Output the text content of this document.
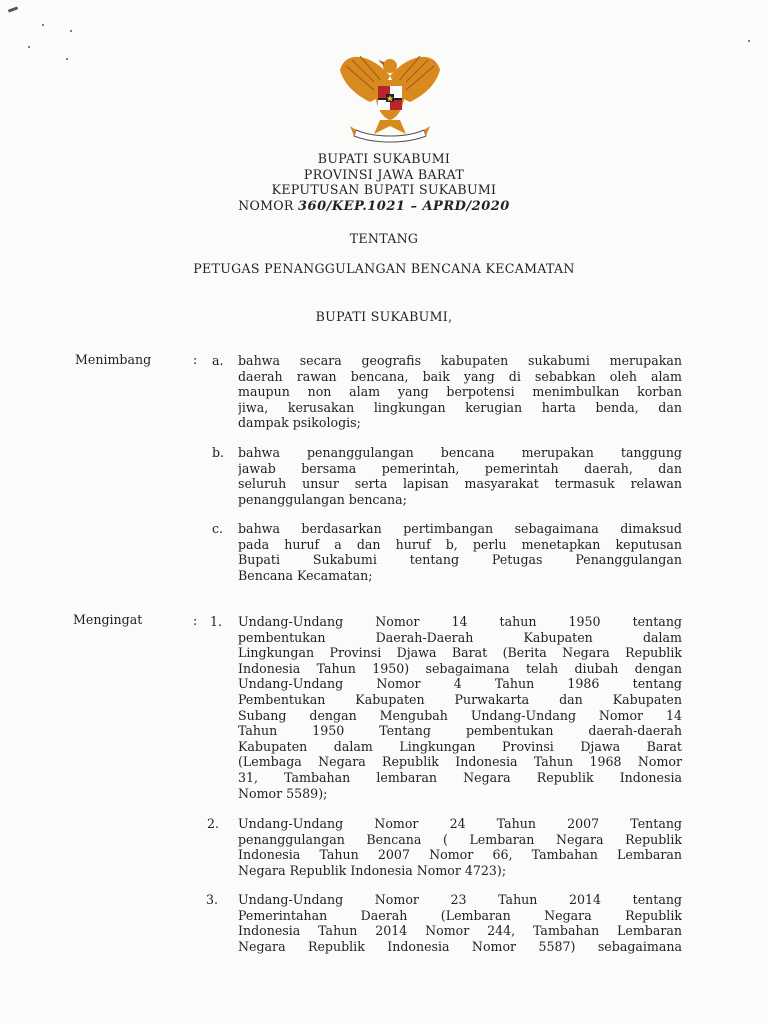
BUPATI SUKABUMI
PROVINSI JAWA BARAT
KEPUTUSAN BUPATI SUKABUMI
NOMOR 360/KEP.1021 – APRD/2020
TENTANG
PETUGAS PENANGGULANGAN BENCANA KECAMATAN
BUPATI SUKABUMI,
Menimbang	: a. bahwa secara geografis kabupaten sukabumi merupakan
daerah rawan bencana, baik yang di sebabkan oleh alam
maupun non alam yang berpotensi menimbulkan korban
jiwa, kerusakan lingkungan kerugian harta benda, dan
dampak psikologis;
b. bahwa penanggulangan bencana merupakan tanggung
jawab bersama pemerintah, pemerintah daerah, dan
seluruh unsur serta lapisan masyarakat termasuk relawan
penanggulangan bencana;
c. bahwa berdasarkan pertimbangan sebagaimana dimaksud
pada huruf a dan huruf b, perlu menetapkan keputusan
Bupati Sukabumi tentang Petugas Penanggulangan
Bencana Kecamatan;
Mengingat	: 1. Undang-Undang Nomor 14 tahun 1950 tentang
pembentukan Daerah-Daerah Kabupaten dalam
Lingkungan Provinsi Djawa Barat (Berita Negara Republik
Indonesia Tahun 1950) sebagaimana telah diubah dengan
Undang-Undang Nomor 4 Tahun 1986 tentang
Pembentukan Kabupaten Purwakarta dan Kabupaten
Subang dengan Mengubah Undang-Undang Nomor 14
Tahun 1950 Tentang pembentukan daerah-daerah
Kabupaten dalam Lingkungan Provinsi Djawa Barat
(Lembaga Negara Republik Indonesia Tahun 1968 Nomor
31, Tambahan lembaran Negara Republik Indonesia
Nomor 5589);
2. Undang-Undang Nomor 24 Tahun 2007 Tentang
penanggulangan Bencana ( Lembaran Negara Republik
Indonesia Tahun 2007 Nomor 66, Tambahan Lembaran
Negara Republik Indonesia Nomor 4723);
3. Undang-Undang Nomor 23 Tahun 2014 tentang
Pemerintahan Daerah (Lembaran Negara Republik
Indonesia Tahun 2014 Nomor 244, Tambahan Lembaran
Negara Republik Indonesia Nomor 5587) sebagaimana
